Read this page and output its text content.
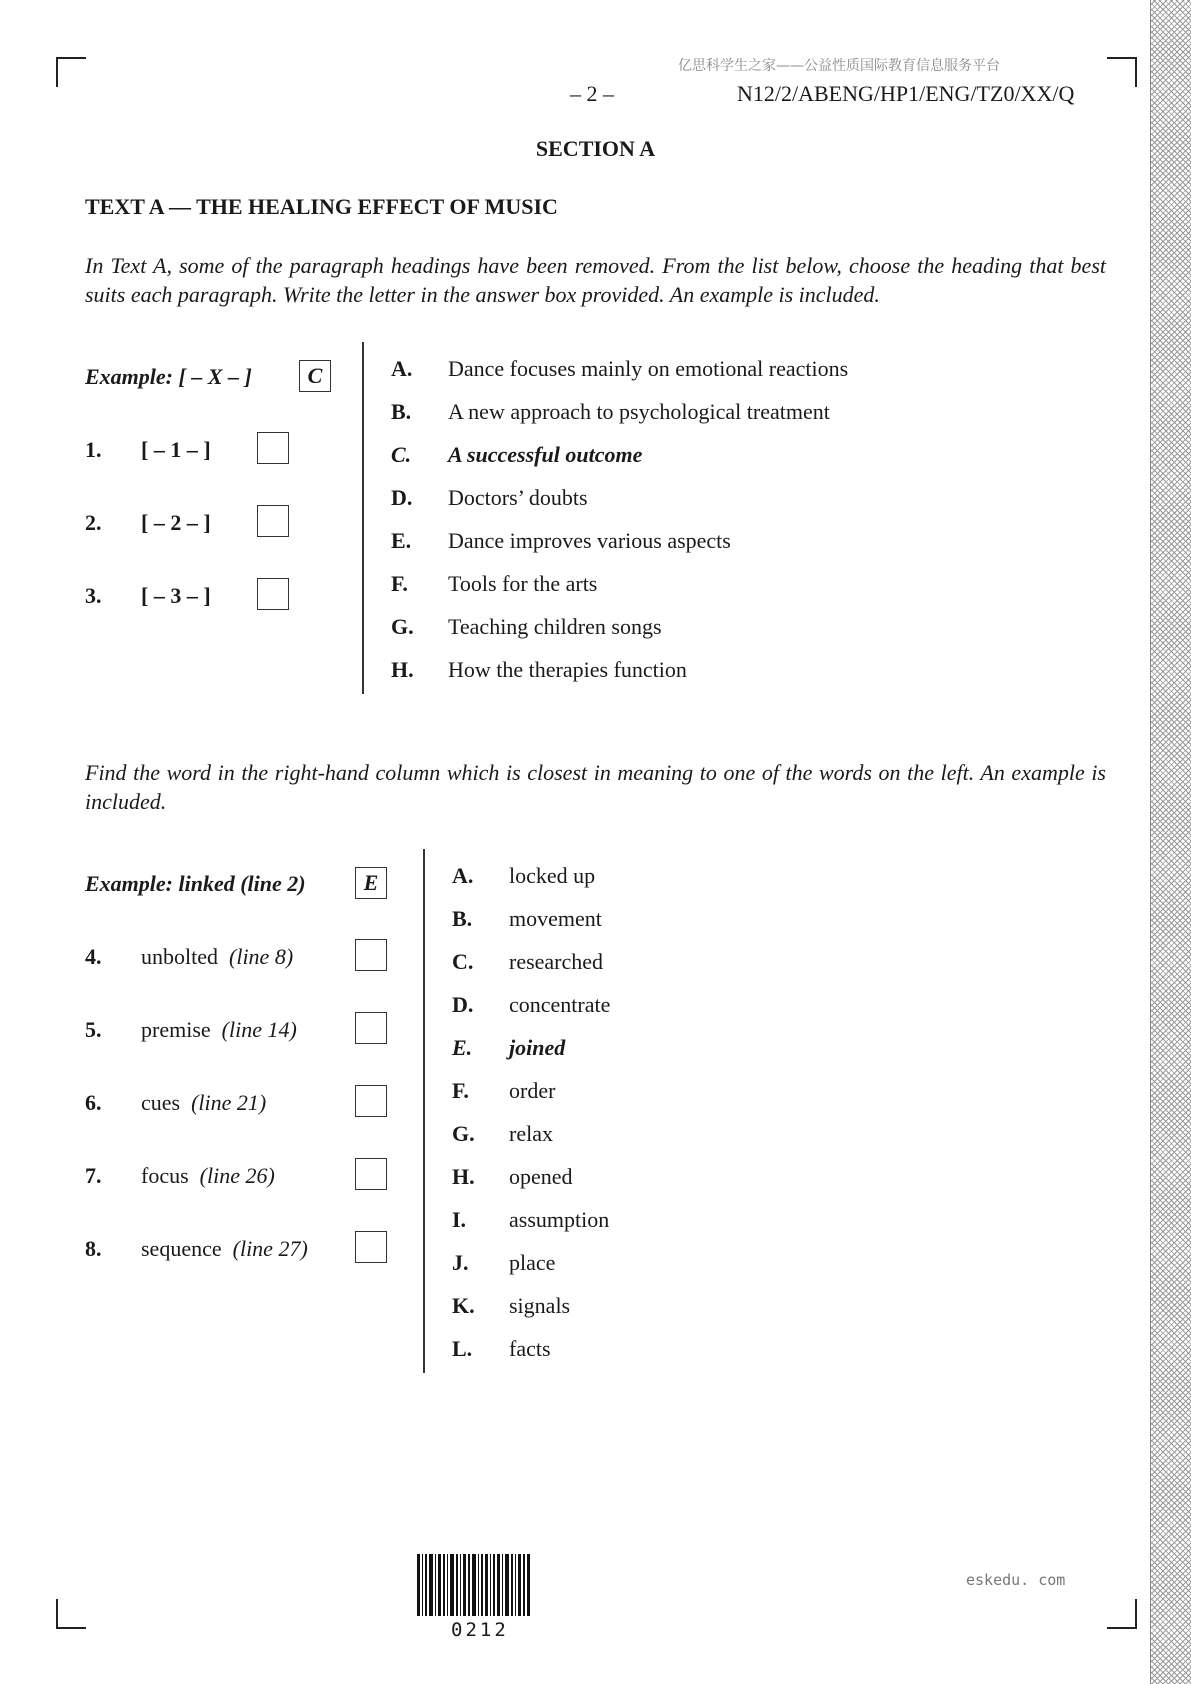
亿思科学生之家——公益性质国际教育信息服务平台
– 2 –	N12/2/ABENG/HP1/ENG/TZ0/XX/Q
SECTION A
TEXT A — THE HEALING EFFECT OF MUSIC
In Text A, some of the paragraph headings have been removed. From the list below, choose the heading that best suits each paragraph. Write the letter in the answer box provided. An example is included.
Example: [ – X – ]	C
1. [ – 1 – ]
2. [ – 2 – ]
3. [ – 3 – ]
A. Dance focuses mainly on emotional reactions
B. A new approach to psychological treatment
C. A successful outcome
D. Doctors’ doubts
E. Dance improves various aspects
F. Tools for the arts
G. Teaching children songs
H. How the therapies function
Find the word in the right-hand column which is closest in meaning to one of the words on the left. An example is included.
Example: linked (line 2)	E
4. unbolted (line 8)
5. premise (line 14)
6. cues (line 21)
7. focus (line 26)
8. sequence (line 27)
A. locked up
B. movement
C. researched
D. concentrate
E. joined
F. order
G. relax
H. opened
I. assumption
J. place
K. signals
L. facts
0212
eskedu. com
